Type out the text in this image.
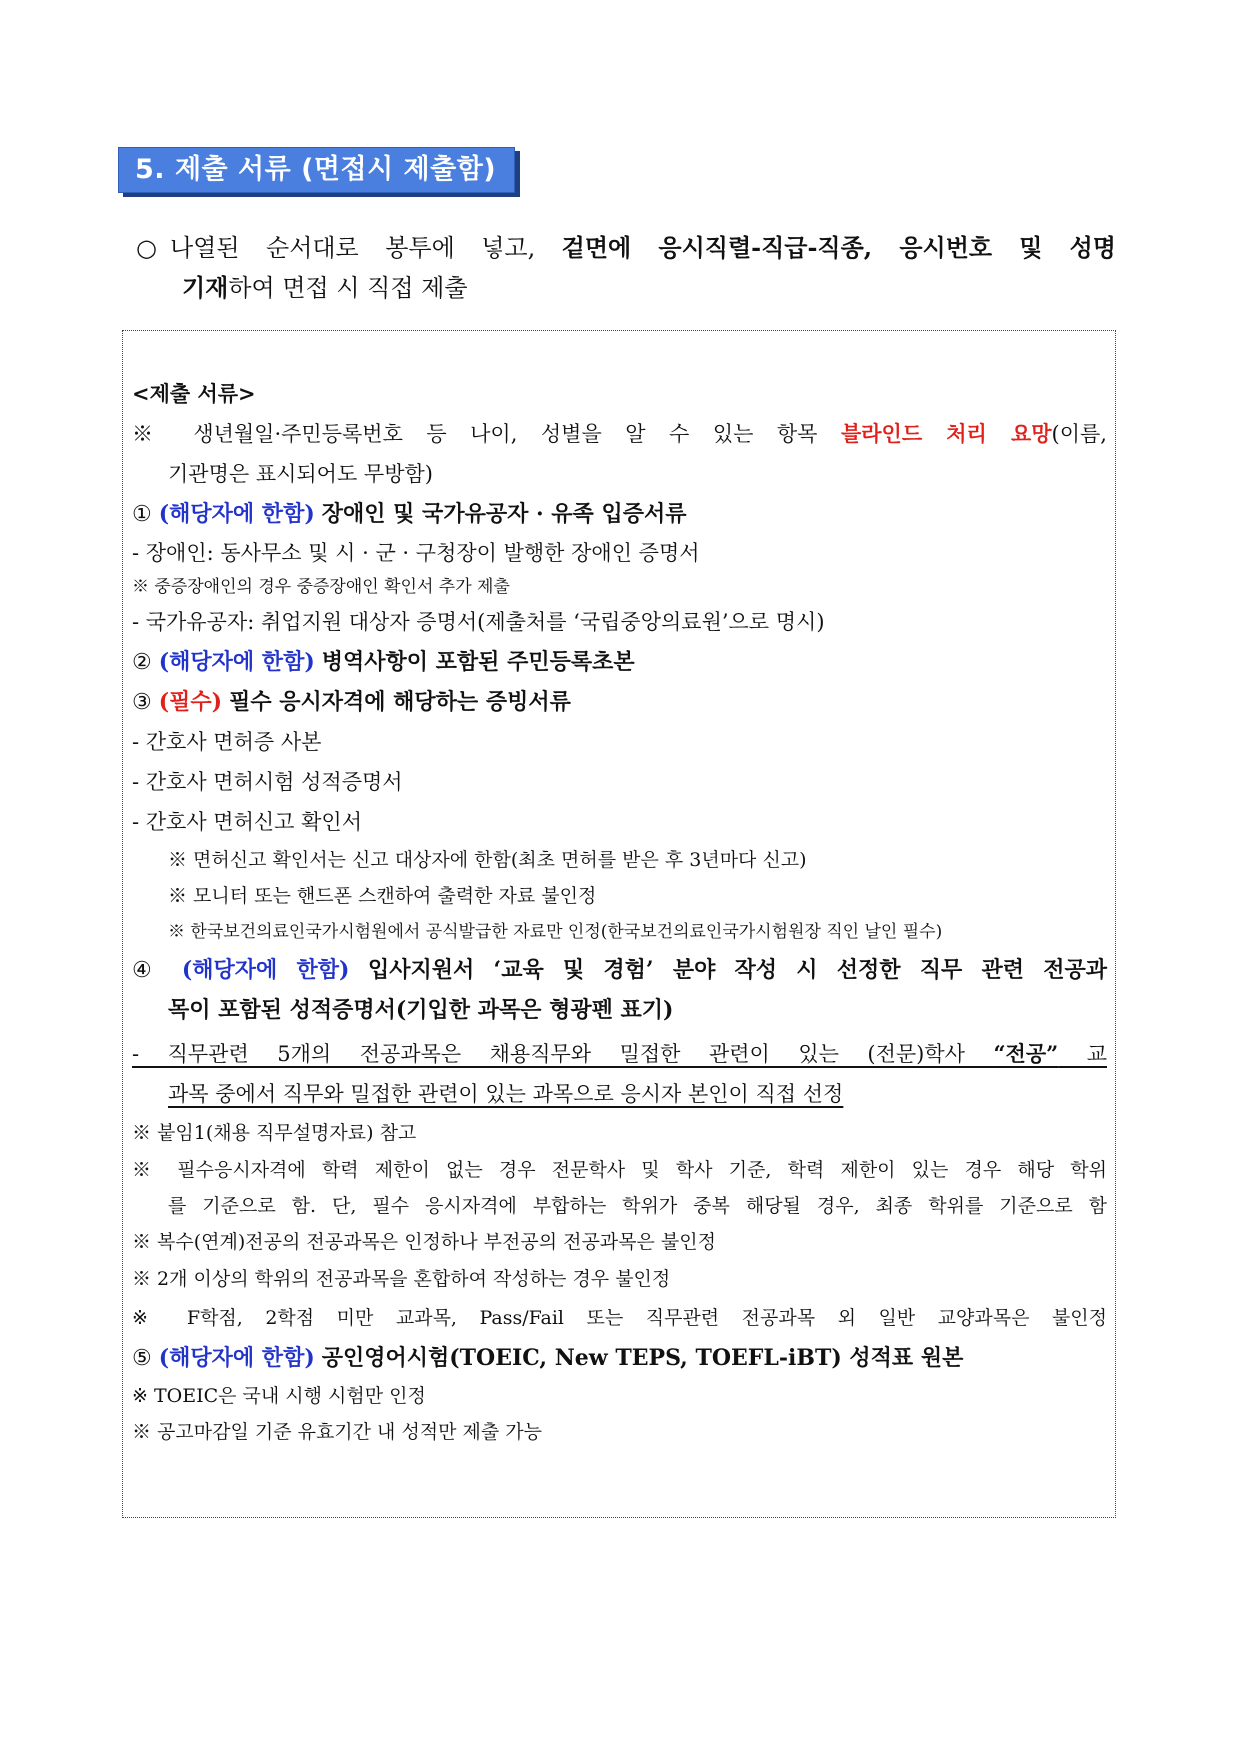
5. 제출 서류 (면접시 제출함)
○ 나열된 순서대로 봉투에 넣고, 겉면에 응시직렬-직급-직종, 응시번호 및 성명
기재하여 면접 시 직접 제출
<제출 서류>
※ 생년월일·주민등록번호 등 나이, 성별을 알 수 있는 항목 블라인드 처리 요망(이름,
기관명은 표시되어도 무방함)
① (해당자에 한함) 장애인 및 국가유공자 · 유족 입증서류
- 장애인: 동사무소 및 시 · 군 · 구청장이 발행한 장애인 증명서
※ 중증장애인의 경우 중증장애인 확인서 추가 제출
- 국가유공자: 취업지원 대상자 증명서(제출처를 ‘국립중앙의료원’으로 명시)
② (해당자에 한함) 병역사항이 포함된 주민등록초본
③ (필수) 필수 응시자격에 해당하는 증빙서류
- 간호사 면허증 사본
- 간호사 면허시험 성적증명서
- 간호사 면허신고 확인서
※ 면허신고 확인서는 신고 대상자에 한함(최초 면허를 받은 후 3년마다 신고)
※ 모니터 또는 핸드폰 스캔하여 출력한 자료 불인정
※ 한국보건의료인국가시험원에서 공식발급한 자료만 인정(한국보건의료인국가시험원장 직인 날인 필수)
④ (해당자에 한함) 입사지원서 ‘교육 및 경험’ 분야 작성 시 선정한 직무 관련 전공과
목이 포함된 성적증명서(기입한 과목은 형광펜 표기)
- 직무관련 5개의 전공과목은 채용직무와 밀접한 관련이 있는 (전문)학사 “전공” 교
과목 중에서 직무와 밀접한 관련이 있는 과목으로 응시자 본인이 직접 선정
※ 붙임1(채용 직무설명자료) 참고
※ 필수응시자격에 학력 제한이 없는 경우 전문학사 및 학사 기준, 학력 제한이 있는 경우 해당 학위
를 기준으로 함. 단, 필수 응시자격에 부합하는 학위가 중복 해당될 경우, 최종 학위를 기준으로 함
※ 복수(연계)전공의 전공과목은 인정하나 부전공의 전공과목은 불인정
※ 2개 이상의 학위의 전공과목을 혼합하여 작성하는 경우 불인정
※ F학점, 2학점 미만 교과목, Pass/Fail 또는 직무관련 전공과목 외 일반 교양과목은 불인정
⑤ (해당자에 한함) 공인영어시험(TOEIC, New TEPS, TOEFL-iBT) 성적표 원본
※ TOEIC은 국내 시행 시험만 인정
※ 공고마감일 기준 유효기간 내 성적만 제출 가능
